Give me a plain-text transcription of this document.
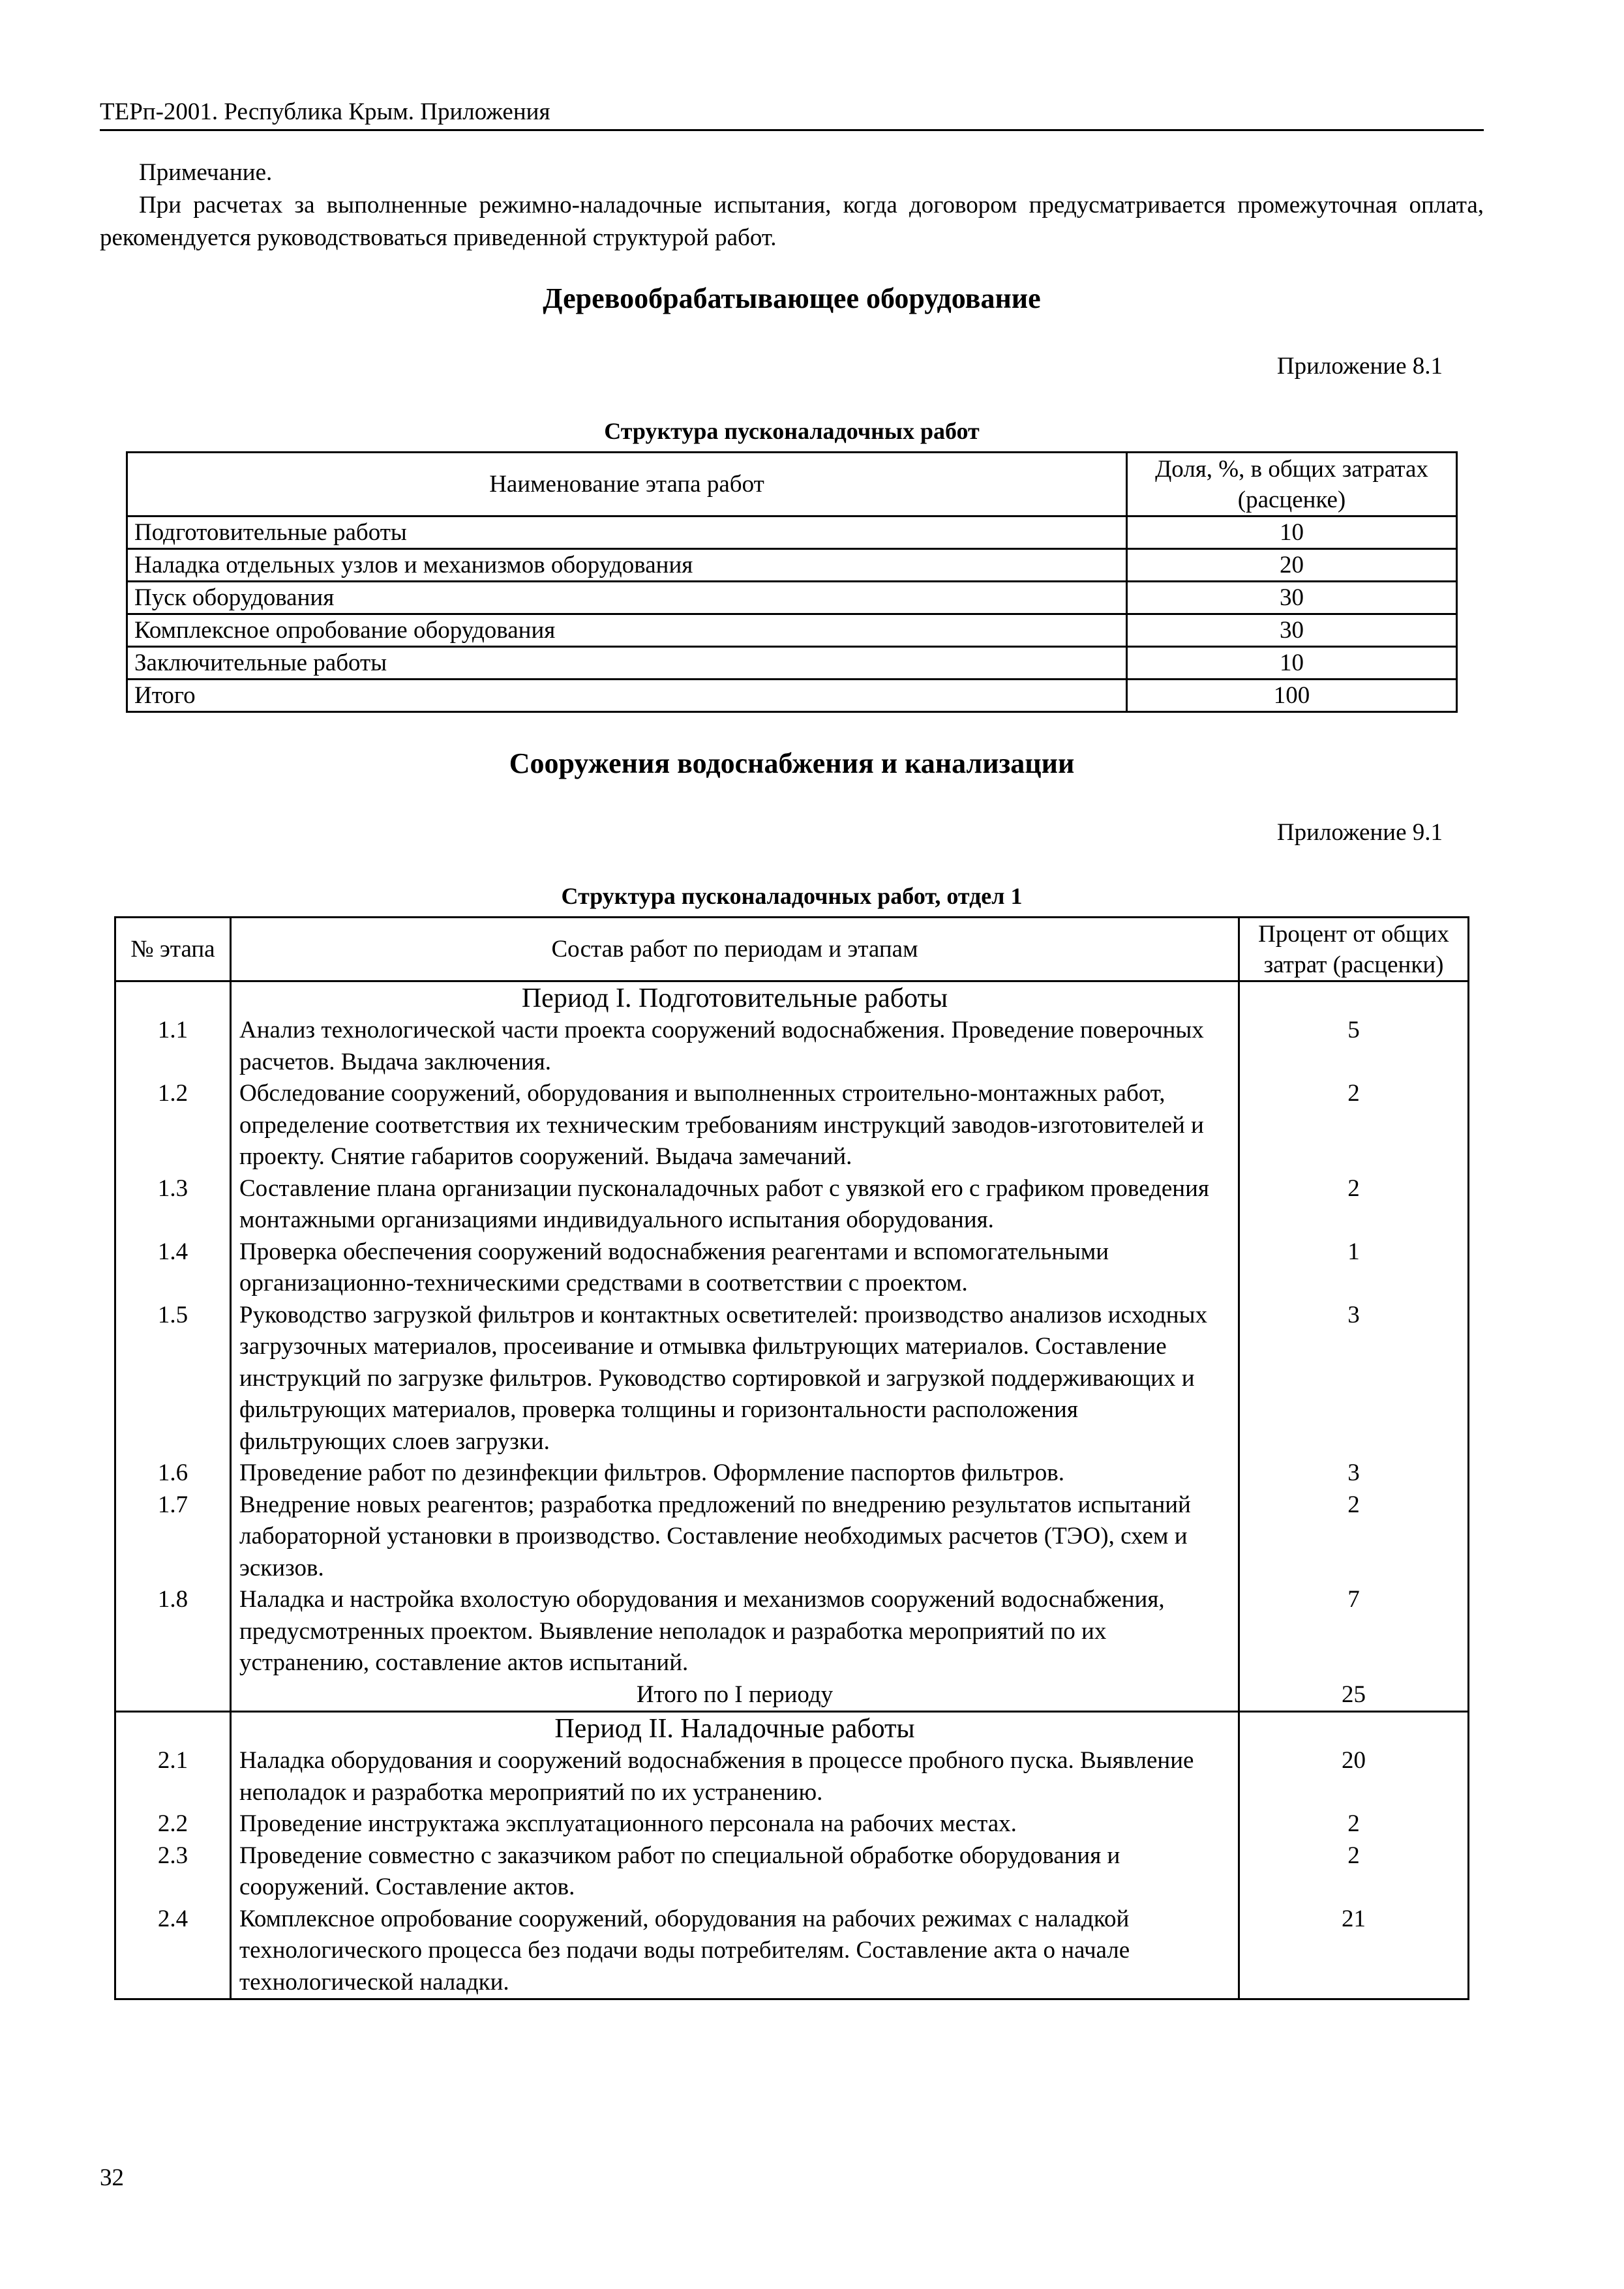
ТЕРп-2001. Республика Крым. Приложения

Примечание.

При расчетах за выполненные режимно-наладочные испытания, когда договором предусматривается промежуточная оплата, рекомендуется руководствоваться приведенной структурой работ.

Деревообрабатывающее оборудование
Приложение 8.1
Структура пусконаладочных работ
Наименование этапа работ	Доля, %, в общих затратах (расценке)
Подготовительные работы	10
Наладка отдельных узлов и механизмов оборудования	20
Пуск оборудования	30
Комплексное опробование оборудования	30
Заключительные работы	10
Итого	100
Сооружения водоснабжения и канализации
Приложение 9.1
Структура пусконаладочных работ, отдел 1
№ этапа	Состав работ по периодам и этапам	Процент от общих затрат (расценки)
	Период I. Подготовительные работы	
1.1	Анализ технологической части проекта сооружений водоснабжения. Проведение поверочных расчетов. Выдача заключения.	5
1.2	Обследование сооружений, оборудования и выполненных строительно-монтажных работ, определение соответствия их техническим требованиям инструкций заводов-изготовителей и проекту. Снятие габаритов сооружений. Выдача замечаний.	2
1.3	Составление плана организации пусконаладочных работ с увязкой его с графиком проведения монтажными организациями индивидуального испытания оборудования.	2
1.4	Проверка обеспечения сооружений водоснабжения реагентами и вспомогательными организационно-техническими средствами в соответствии с проектом.	1
1.5	Руководство загрузкой фильтров и контактных осветителей: производство анализов исходных загрузочных материалов, просеивание и отмывка фильтрующих материалов. Составление инструкций по загрузке фильтров. Руководство сортировкой и загрузкой поддерживающих и фильтрующих материалов, проверка толщины и горизонтальности расположения фильтрующих слоев загрузки.	3
1.6	Проведение работ по дезинфекции фильтров. Оформление паспортов фильтров.	3
1.7	Внедрение новых реагентов; разработка предложений по внедрению результатов испытаний лабораторной установки в производство. Составление необходимых расчетов (ТЭО), схем и эскизов.	2
1.8	Наладка и настройка вхолостую оборудования и механизмов сооружений водоснабжения, предусмотренных проектом. Выявление неполадок и разработка мероприятий по их устранению, составление актов испытаний.	7
	Итого по I периоду	25
	Период II. Наладочные работы	
2.1	Наладка оборудования и сооружений водоснабжения в процессе пробного пуска. Выявление неполадок и разработка мероприятий по их устранению.	20
2.2	Проведение инструктажа эксплуатационного персонала на рабочих местах.	2
2.3	Проведение совместно с заказчиком работ по специальной обработке оборудования и сооружений. Составление актов.	2
2.4	Комплексное опробование сооружений, оборудования на рабочих режимах с наладкой технологического процесса без подачи воды потребителям. Составление акта о начале технологической наладки.	21
32
